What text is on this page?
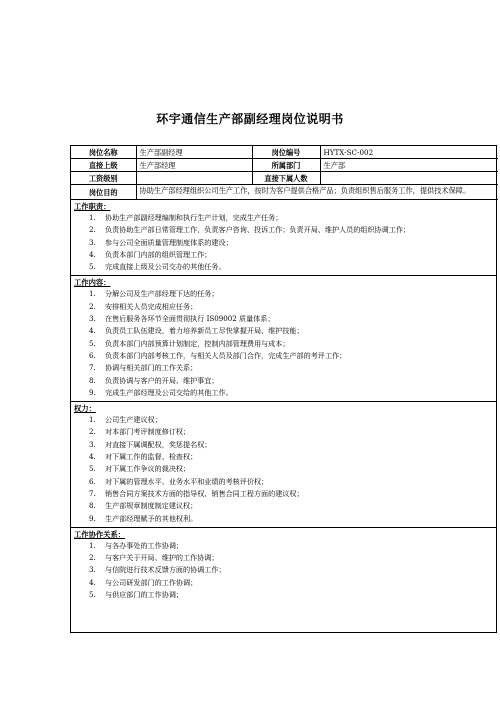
环宇通信生产部副经理岗位说明书
岗位名称	生产部副经理	岗位编号	HYTX-SC-002
直接上级	生产部经理	所属部门	生产部
工资级别		直接下属人数	
岗位目的	协助生产部经理组织公司生产工作，按时为客户提供合格产品；负责组织售后服务工作，提供技术保障。		
工作职责：
1.	协助生产部副经理编制和执行生产计划，完成生产任务；
2.	负责协助生产部日常管理工作，负责客户咨询、投诉工作；负责开局、维护人员的组织协调工作；
3.	参与公司全面质量管理制度体系的建设；
4.	负责本部门内部的组织管理工作；
5.	完成直接上级及公司交办的其他任务。
工作内容：
1.	分解公司及生产部经理下达的任务；
2.	安排相关人员完成相应任务；
3.	在售后服务各环节全面贯彻执行 IS09002 质量体系；
4.	负责员工队伍建设，着力培养新员工尽快掌握开局、维护技能；
5.	负责本部门内部预算计划制定，控制内部管理费用与成本；
6.	负责本部门内部考核工作，与相关人员及部门合作，完成生产部的考评工作；
7.	协调与相关部门的工作关系；
8.	负责协调与客户的开局、维护事宜；
9.	完成生产部经理及公司交给的其他工作。
权力：
1.	公司生产建议权；
2.	对本部门考评制度修订权；
3.	对直接下属调配权，奖惩提名权；
4.	对下属工作的监督、检查权；
5.	对下属工作争议的裁决权；
6.	对下属的管理水平、业务水平和业绩的考核评价权；
7.	销售合同方案技术方面的指导权、销售合同工程方面的建议权；
8.	生产部规章制度制定建议权；
9.	生产部经理赋予的其他权利。
工作协作关系：
1.	与各办事处的工作协调；
2.	与客户关于开局、维护的工作协调；
3.	与信院进行技术反馈方面的协调工作；
4.	与公司研发部门的工作协调；
5.	与供应部门的工作协调；
